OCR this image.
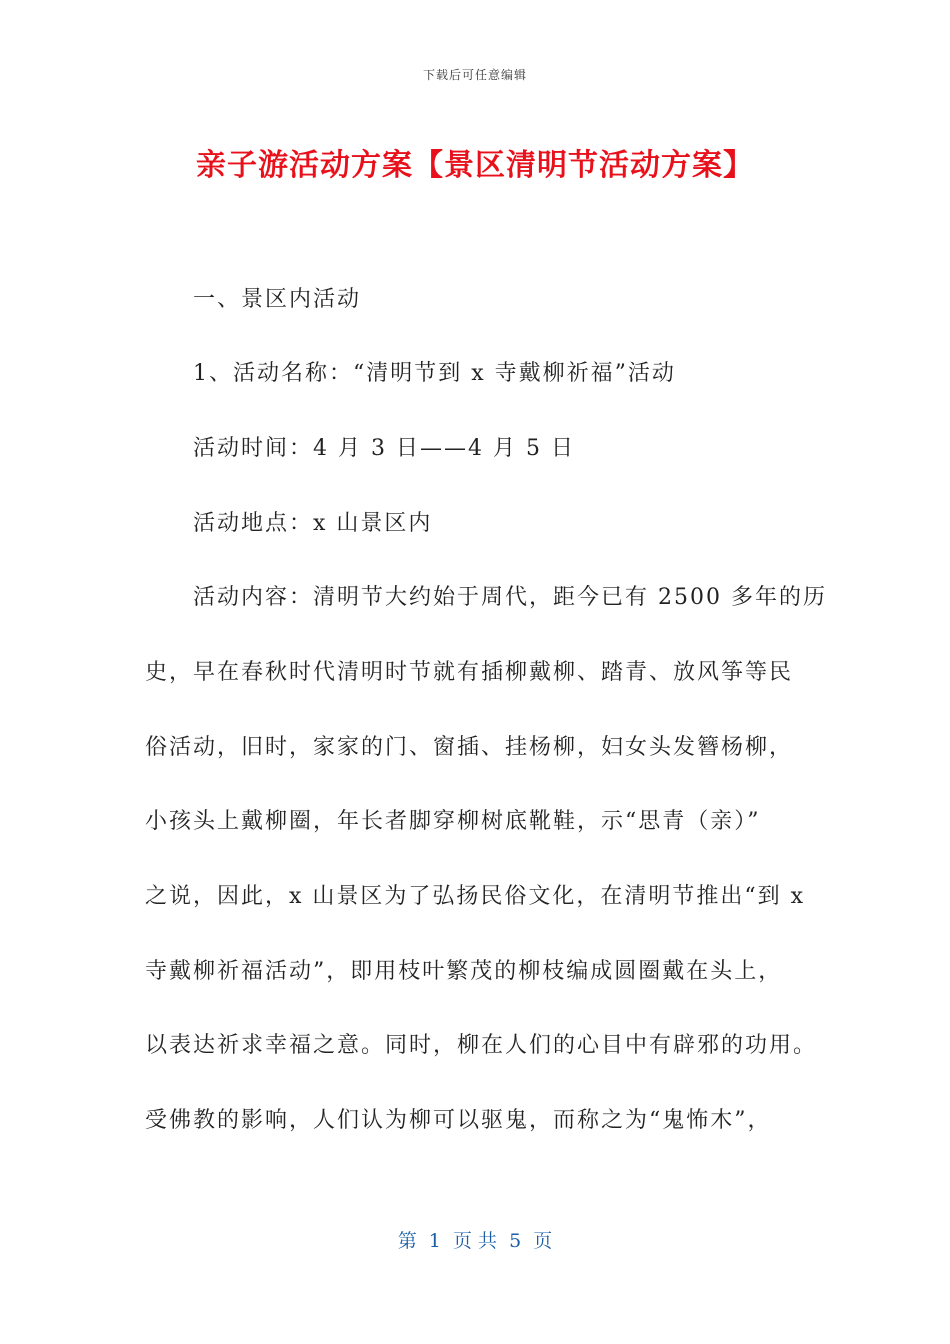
下载后可任意编辑
亲子游活动方案【景区清明节活动方案】

一、景区内活动

1、活动名称：“清明节到 x 寺戴柳祈福”活动

活动时间：4 月 3 日——4 月 5 日

活动地点：x 山景区内

活动内容：清明节大约始于周代，距今已有 2500 多年的历

史，早在春秋时代清明时节就有插柳戴柳、踏青、放风筝等民

俗活动，旧时，家家的门、窗插、挂杨柳，妇女头发簪杨柳，

小孩头上戴柳圈，年长者脚穿柳树底靴鞋，示“思青（亲）”

之说，因此，x 山景区为了弘扬民俗文化，在清明节推出“到 x

寺戴柳祈福活动”，即用枝叶繁茂的柳枝编成圆圈戴在头上，

以表达祈求幸福之意。同时，柳在人们的心目中有辟邪的功用。

受佛教的影响，人们认为柳可以驱鬼，而称之为“鬼怖木”，

第  1  页 共  5  页
